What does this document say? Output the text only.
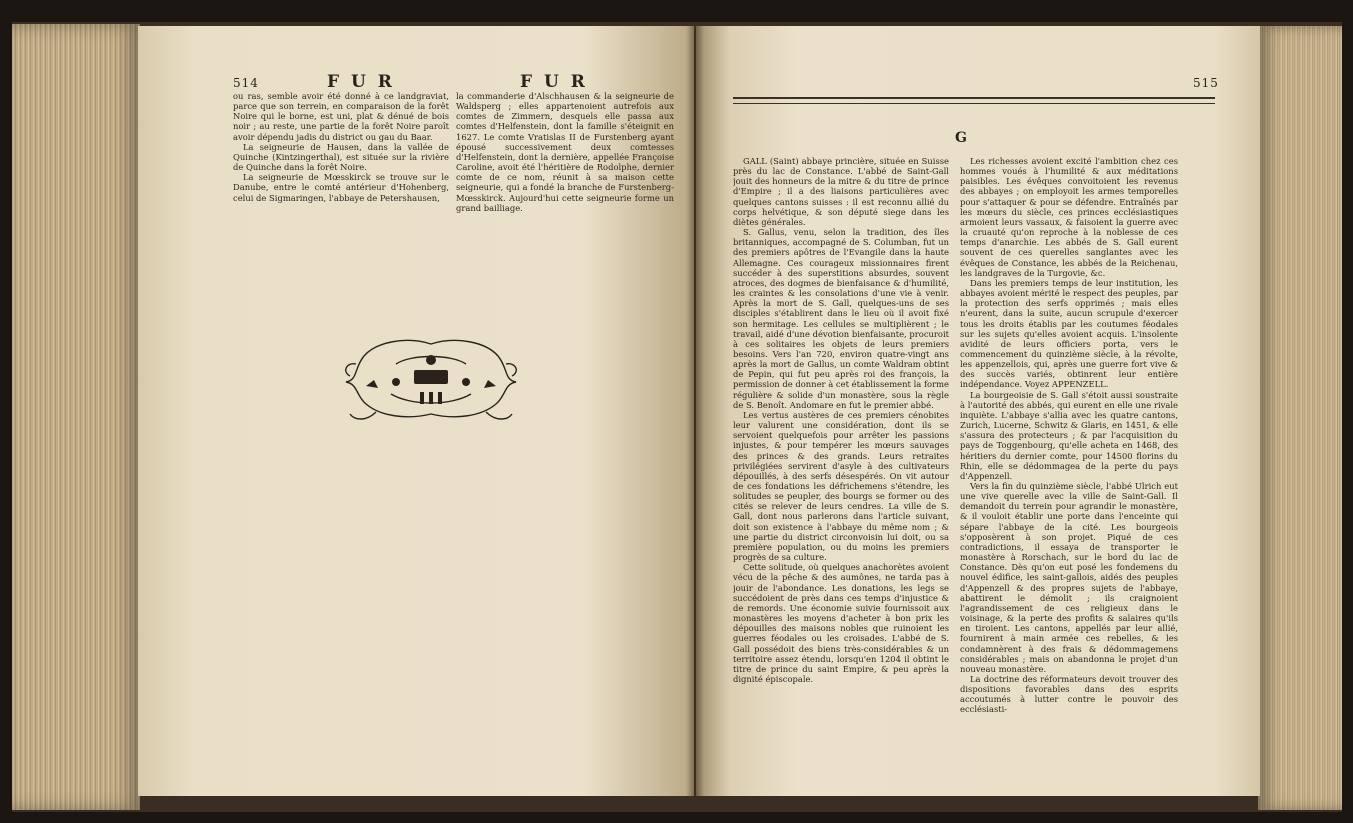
514	F U R	F U R

ou ras, semble avoir été donné à ce landgraviat, parce que son terrein, en comparaison de la forêt Noire qui le borne, est uni, plat & dénué de bois noir ; au reste, une partie de la forêt Noire paroît avoir dépendu jadis du district ou gau du Baar.

La seigneurie de Hausen, dans la vallée de Quinche (Kintzingerthal), est située sur la rivière de Quinche dans la forêt Noire.

La seigneurie de Mœsskirck se trouve sur le Danube, entre le comté antérieur d'Hohenberg, celui de Sigmaringen, l'abbaye de Petershausen,

la commanderie d'Alschhausen & la seigneurie de Waldsperg ; elles appartenoient autrefois aux comtes de Zimmern, desquels elle passa aux comtes d'Helfenstein, dont la famille s'éteignit en 1627. Le comte Vratislas II de Furstenberg ayant épousé successivement deux comtesses d'Helfenstein, dont la dernière, appellée Françoise Caroline, avoit été l'héritière de Rodolphe, dernier comte de ce nom, réunit à sa maison cette seigneurie, qui a fondé la branche de Furstenberg-Mœsskirck. Aujourd'hui cette seigneurie forme un grand bailliage.

515
G

GALL (Saint) abbaye princière, située en Suisse près du lac de Constance. L'abbé de Saint-Gall jouit des honneurs de la mitre & du titre de prince d'Empire ; il a des liaisons particulières avec quelques cantons suisses : il est reconnu allié du corps helvétique, & son député siege dans les diètes générales.

S. Gallus, venu, selon la tradition, des îles britanniques, accompagné de S. Columban, fut un des premiers apôtres de l'Evangile dans la haute Allemagne. Ces courageux missionnaires firent succéder à des superstitions absurdes, souvent atroces, des dogmes de bienfaisance & d'humilité, les craintes & les consolations d'une vie à venir. Après la mort de S. Gall, quelques-uns de ses disciples s'établirent dans le lieu où il avoit fixé son hermitage. Les cellules se multiplièrent ; le travail, aidé d'une dévotion bienfaisante, procuroit à ces solitaires les objets de leurs premiers besoins. Vers l'an 720, environ quatre-vingt ans après la mort de Gallus, un comte Waldram obtint de Pepin, qui fut peu après roi des françois, la permission de donner à cet établissement la forme régulière & solide d'un monastère, sous la règle de S. Benoît. Andomare en fut le premier abbé.

Les vertus austères de ces premiers cénobites leur valurent une considération, dont ils se servoient quelquefois pour arrêter les passions injustes, & pour tempérer les mœurs sauvages des princes & des grands. Leurs retraites privilégiées servirent d'asyle à des cultivateurs dépouillés, à des serfs désespérés. On vit autour de ces fondations les défrichemens s'étendre, les solitudes se peupler, des bourgs se former ou des cités se relever de leurs cendres. La ville de S. Gall, dont nous parlerons dans l'article suivant, doit son existence à l'abbaye du même nom ; & une partie du district circonvoisin lui doit, ou sa première population, ou du moins les premiers progrès de sa culture.

Cette solitude, où quelques anachorètes avoient vécu de la pêche & des aumônes, ne tarda pas à jouir de l'abondance. Les donations, les legs se succédoient de près dans ces temps d'injustice & de remords. Une économie suivie fournissoit aux monastères les moyens d'acheter à bon prix les dépouilles des maisons nobles que ruinoient les guerres féodales ou les croisades. L'abbé de S. Gall possédoit des biens très-considérables & un territoire assez étendu, lorsqu'en 1204 il obtint le titre de prince du saint Empire, & peu après la dignité épiscopale.

Les richesses avoient excité l'ambition chez ces hommes voués à l'humilité & aux méditations paisibles. Les évêques convoitoient les revenus des abbayes ; on employoit les armes temporelles pour s'attaquer & pour se défendre. Entraînés par les mœurs du siècle, ces princes ecclésiastiques armoient leurs vassaux, & faisoient la guerre avec la cruauté qu'on reproche à la noblesse de ces temps d'anarchie. Les abbés de S. Gall eurent souvent de ces querelles sanglantes avec les évêques de Constance, les abbés de la Reichenau, les landgraves de la Turgovie, &c.

Dans les premiers temps de leur institution, les abbayes avoient mérité le respect des peuples, par la protection des serfs opprimés ; mais elles n'eurent, dans la suite, aucun scrupule d'exercer tous les droits établis par les coutumes féodales sur les sujets qu'elles avoient acquis. L'insolente avidité de leurs officiers porta, vers le commencement du quinzième siècle, à la révolte, les appenzellois, qui, après une guerre fort vive & des succès variés, obtinrent leur entière indépendance. Voyez APPENZELL.

La bourgeoisie de S. Gall s'étoit aussi soustraite à l'autorité des abbés, qui eurent en elle une rivale inquiète. L'abbaye s'allia avec les quatre cantons, Zurich, Lucerne, Schwitz & Glaris, en 1451, & elle s'assura des protecteurs ; & par l'acquisition du pays de Toggenbourg, qu'elle acheta en 1468, des héritiers du dernier comte, pour 14500 florins du Rhin, elle se dédommagea de la perte du pays d'Appenzell.

Vers la fin du quinzième siècle, l'abbé Ulrich eut une vive querelle avec la ville de Saint-Gall. Il demandoit du terrein pour agrandir le monastère, & il vouloit établir une porte dans l'enceinte qui sépare l'abbaye de la cité. Les bourgeois s'opposèrent à son projet. Piqué de ces contradictions, il essaya de transporter le monastère à Rorschach, sur le bord du lac de Constance. Dès qu'on eut posé les fondemens du nouvel édifice, les saint-gallois, aidés des peuples d'Appenzell & des propres sujets de l'abbaye, abattirent le démolit ; ils craignoient l'agrandissement de ces religieux dans le voisinage, & la perte des profits & salaires qu'ils en tiroient. Les cantons, appellés par leur allié, fournirent à main armée ces rebelles, & les condamnèrent à des frais & dédommagemens considérables ; mais on abandonna le projet d'un nouveau monastère.

La doctrine des réformateurs devoit trouver des dispositions favorables dans des esprits accoutumés à lutter contre le pouvoir des ecclésiasti-
